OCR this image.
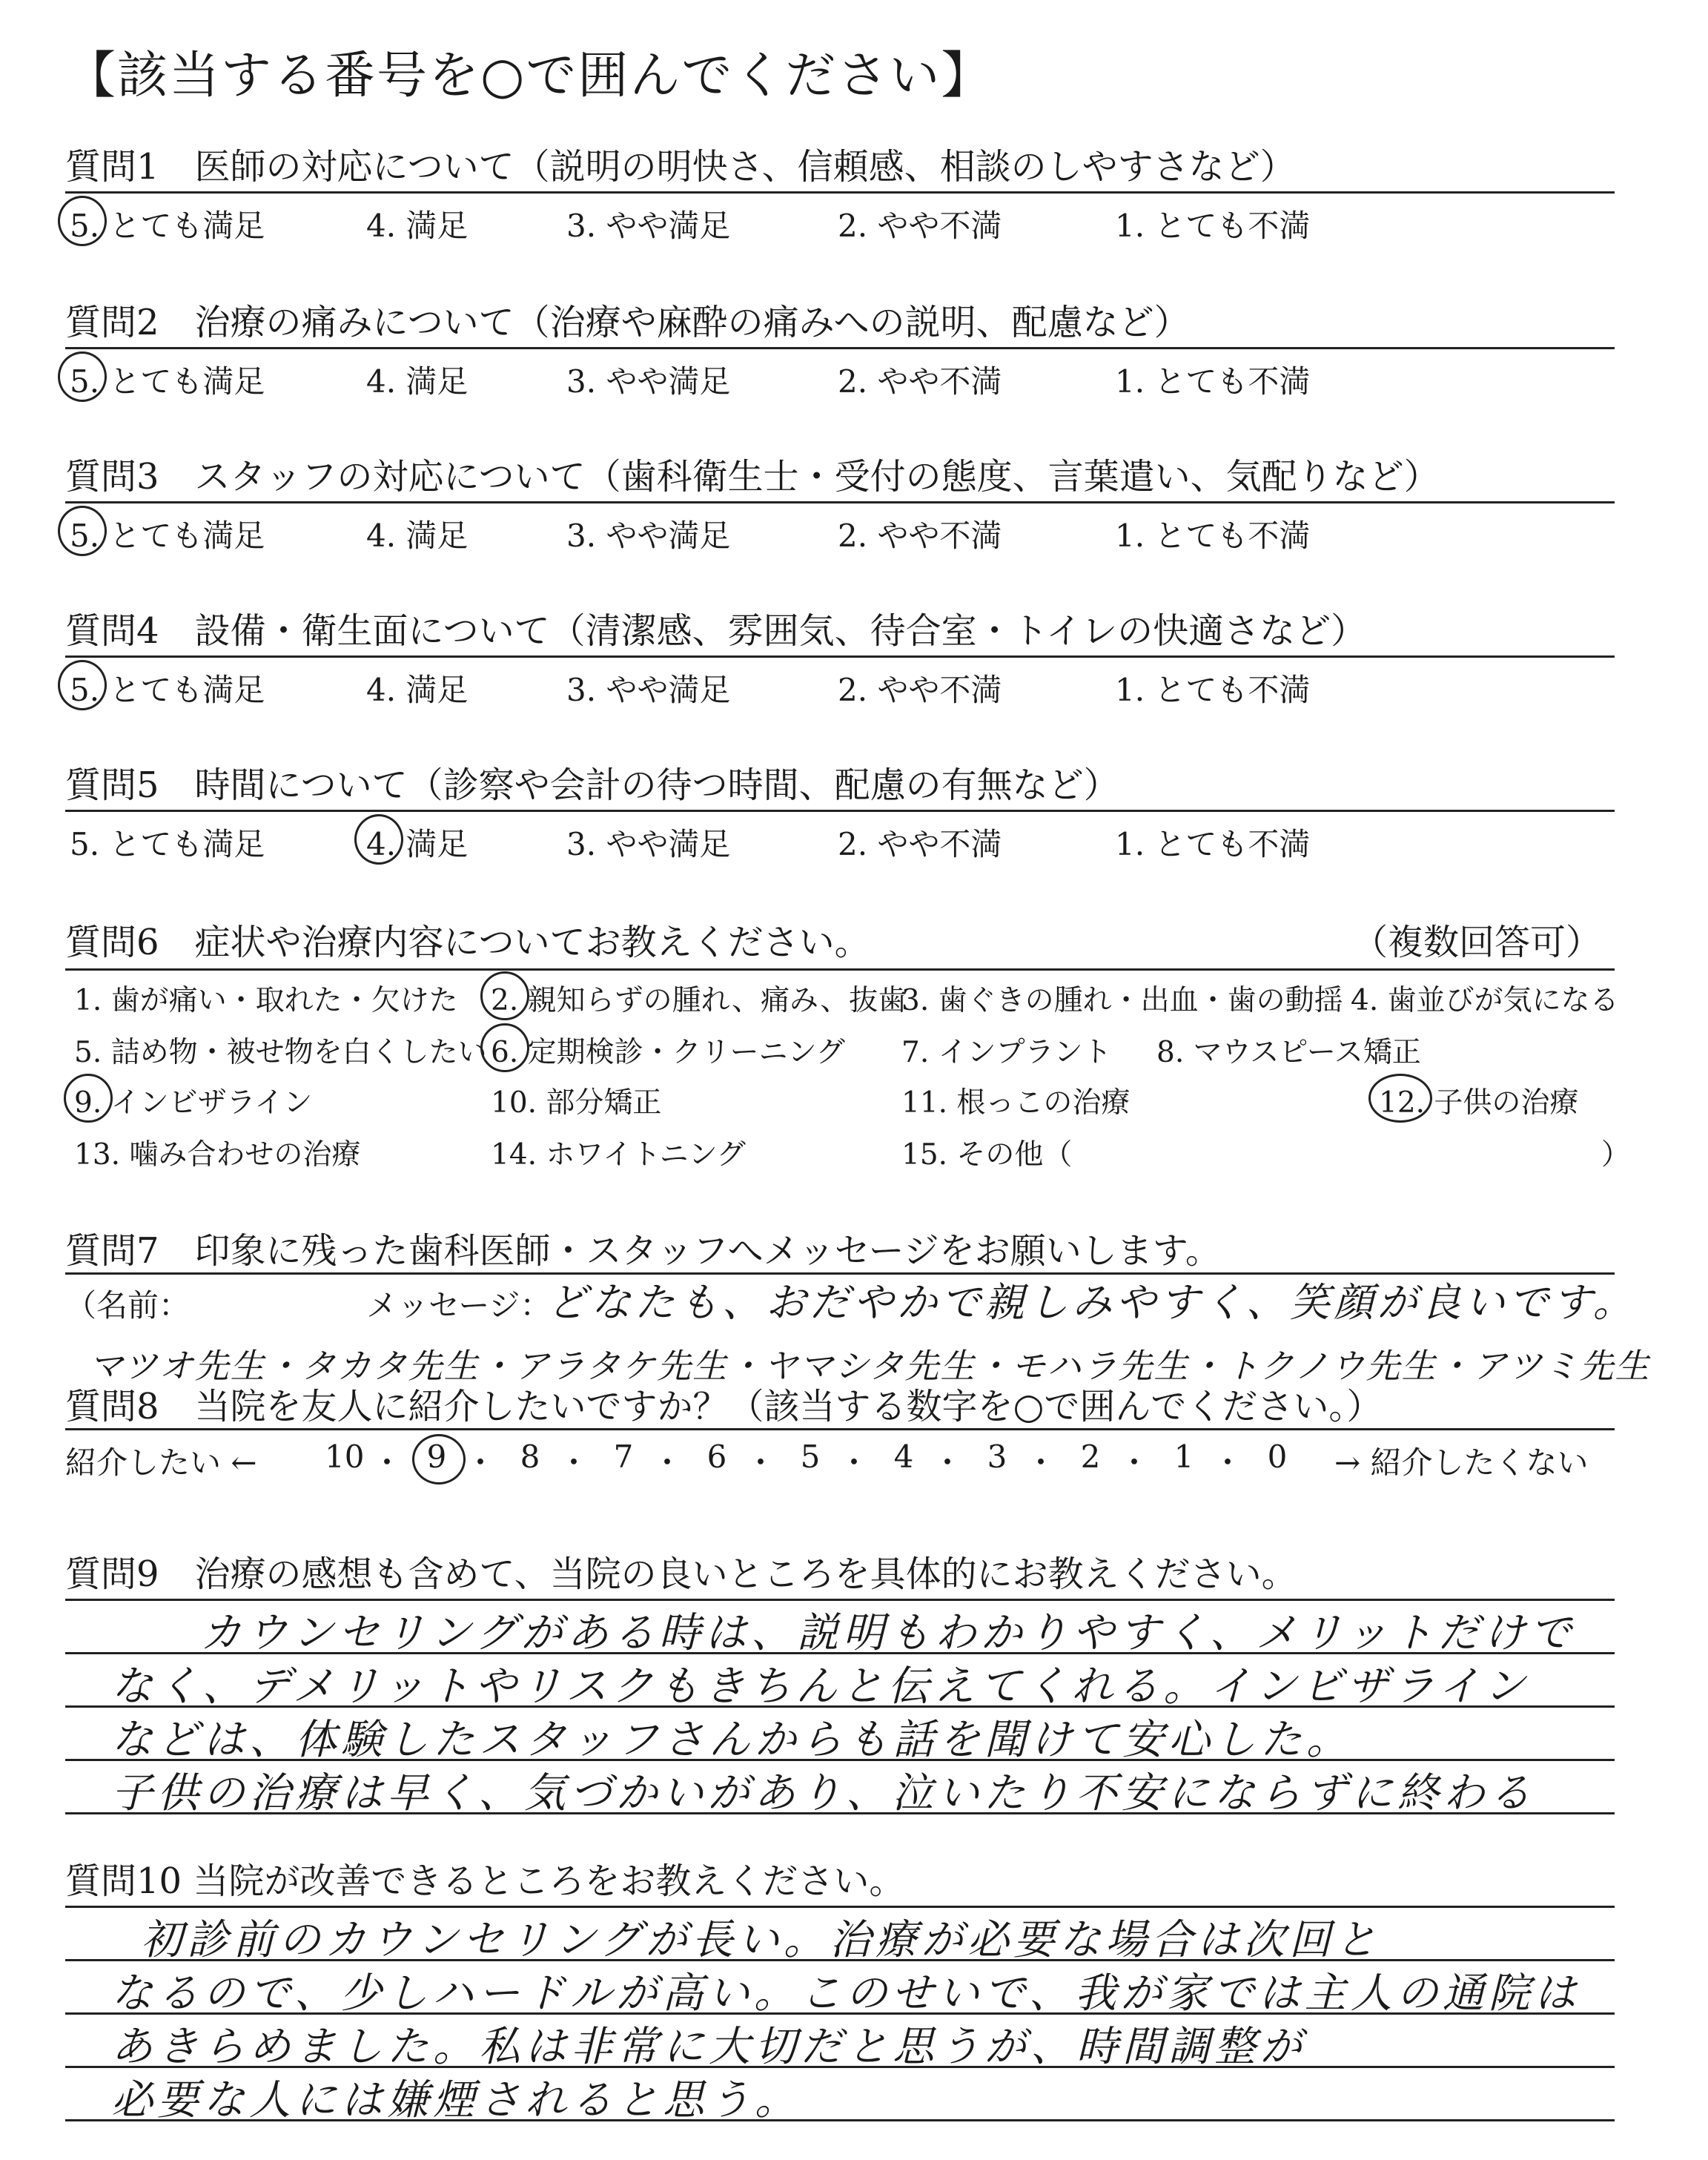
【該当する番号を○で囲んでください】
質問1　医師の対応について（説明の明快さ、信頼感、相談のしやすさなど）
5. とても満足	4. 満足	3. やや満足	2. やや不満	1. とても不満
質問2　治療の痛みについて（治療や麻酔の痛みへの説明、配慮など）
5. とても満足	4. 満足	3. やや満足	2. やや不満	1. とても不満
質問3　スタッフの対応について（歯科衛生士・受付の態度、言葉遣い、気配りなど）
5. とても満足	4. 満足	3. やや満足	2. やや不満	1. とても不満
質問4　設備・衛生面について（清潔感、雰囲気、待合室・トイレの快適さなど）
5. とても満足	4. 満足	3. やや満足	2. やや不満	1. とても不満
質問5　時間について（診察や会計の待つ時間、配慮の有無など）
5. とても満足	4. 満足	3. やや満足	2. やや不満	1. とても不満
質問6　症状や治療内容についてお教えください。	（複数回答可）
1. 歯が痛い・取れた・欠けた 2. 親知らずの腫れ、痛み、抜歯
3. 歯ぐきの腫れ・出血・歯の動揺 4. 歯並びが気になる
5. 詰め物・被せ物を白くしたい 6. 定期検診・クリーニング 7. インプラント 8. マウスピース矯正
9. インビザライン	10. 部分矯正	11. 根っこの治療	12. 子供の治療
13. 噛み合わせの治療	14. ホワイトニング	15. その他（	）
質問7　印象に残った歯科医師・スタッフへメッセージをお願いします。
（名前：	メッセージ：
どなたも、おだやかで親しみやすく、笑顔が良いです。
マツオ先生・タカタ先生・アラタケ先生・ヤマシタ先生・モハラ先生・トクノウ先生・アツミ先生
質問8　当院を友人に紹介したいですか？（該当する数字を○で囲んでください。）
紹介したい ←	→ 紹介したくない
10 ・ 9 ・ 8 ・ 7 ・ 6 ・ 5 ・ 4 ・ 3 ・ 2 ・ 1 ・ 0
質問9　治療の感想も含めて、当院の良いところを具体的にお教えください。
カウンセリングがある時は、説明もわかりやすく、メリットだけで
なく、デメリットやリスクもきちんと伝えてくれる。インビザライン
などは、体験したスタッフさんからも話を聞けて安心した。
子供の治療は早く、気づかいがあり、泣いたり不安にならずに終わる
質問10 当院が改善できるところをお教えください。
初診前のカウンセリングが長い。治療が必要な場合は次回と
なるので、少しハードルが高い。このせいで、我が家では主人の通院は
あきらめました。私は非常に大切だと思うが、時間調整が
必要な人には嫌煙されると思う。
